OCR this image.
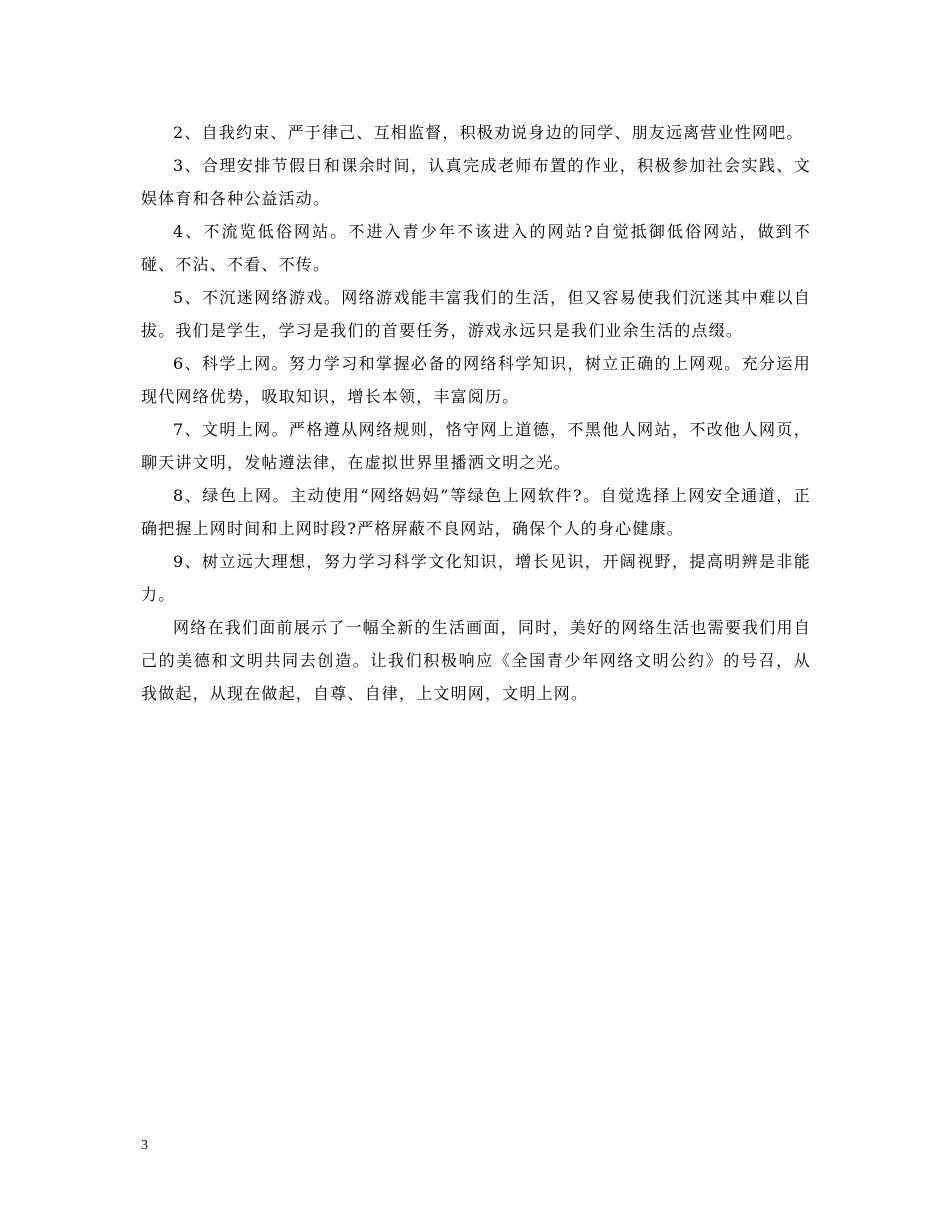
2、自我约束、严于律己、互相监督，积极劝说身边的同学、朋友远离营业性网吧。

3、合理安排节假日和课余时间，认真完成老师布置的作业，积极参加社会实践、文娱体育和各种公益活动。

4、不流览低俗网站。不进入青少年不该进入的网站?自觉抵御低俗网站，做到不碰、不沾、不看、不传。

5、不沉迷网络游戏。网络游戏能丰富我们的生活，但又容易使我们沉迷其中难以自拔。我们是学生，学习是我们的首要任务，游戏永远只是我们业余生活的点缀。

6、科学上网。努力学习和掌握必备的网络科学知识，树立正确的上网观。充分运用现代网络优势，吸取知识，增长本领，丰富阅历。

7、文明上网。严格遵从网络规则，恪守网上道德，不黑他人网站，不改他人网页，聊天讲文明，发帖遵法律，在虚拟世界里播洒文明之光。

8、绿色上网。主动使用“网络妈妈”等绿色上网软件?。自觉选择上网安全通道，正确把握上网时间和上网时段?严格屏蔽不良网站，确保个人的身心健康。

9、树立远大理想，努力学习科学文化知识，增长见识，开阔视野，提高明辨是非能力。

网络在我们面前展示了一幅全新的生活画面，同时，美好的网络生活也需要我们用自己的美德和文明共同去创造。让我们积极响应《全国青少年网络文明公约》的号召，从我做起，从现在做起，自尊、自律，上文明网，文明上网。

3
